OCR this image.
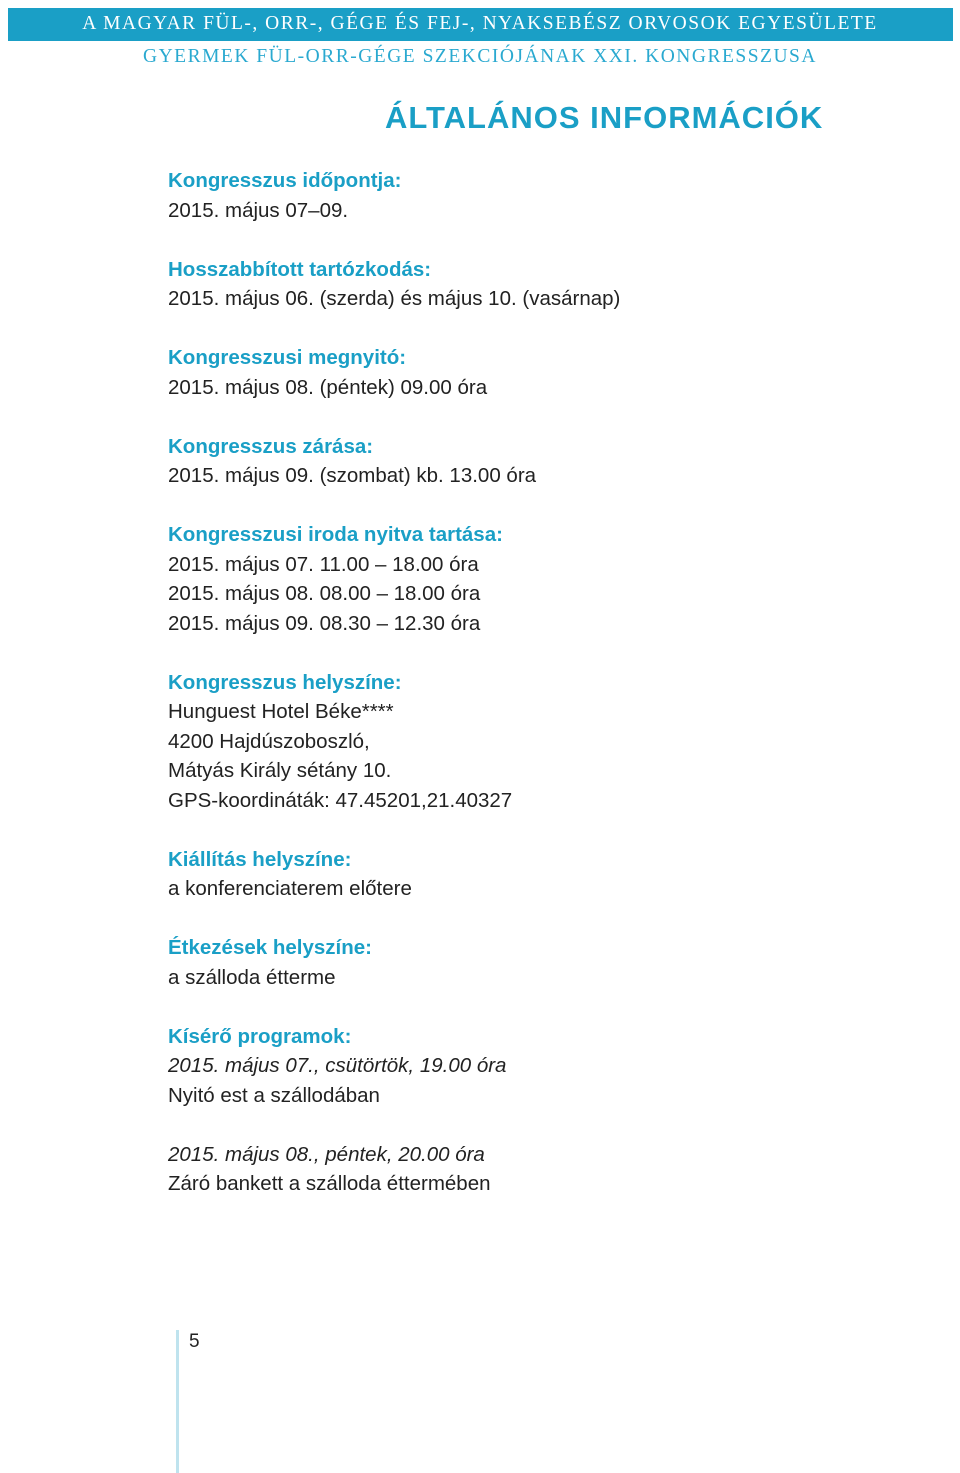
A MAGYAR FÜL-, ORR-, GÉGE ÉS FEJ-, NYAKSEBÉSZ ORVOSOK EGYESÜLETE
GYERMEK FÜL-ORR-GÉGE SZEKCIÓJÁNAK XXI. KONGRESSZUSA
ÁLTALÁNOS INFORMÁCIÓK
Kongresszus időpontja:
2015. május 07–09.
Hosszabbított tartózkodás:
2015. május 06. (szerda) és május 10. (vasárnap)
Kongresszusi megnyitó:
2015. május 08. (péntek) 09.00 óra
Kongresszus zárása:
2015. május 09. (szombat) kb. 13.00 óra
Kongresszusi iroda nyitva tartása:
2015. május 07. 11.00 – 18.00 óra
2015. május 08. 08.00 – 18.00 óra
2015. május 09. 08.30 – 12.30 óra
Kongresszus helyszíne:
Hunguest Hotel Béke****
4200 Hajdúszoboszló,
Mátyás Király sétány 10.
GPS-koordináták: 47.45201,21.40327
Kiállítás helyszíne:
a konferenciaterem előtere
Étkezések helyszíne:
a szálloda étterme
Kísérő programok:
2015. május 07., csütörtök, 19.00 óra
Nyitó est a szállodában
2015. május 08., péntek, 20.00 óra
Záró bankett a szálloda éttermében
5
